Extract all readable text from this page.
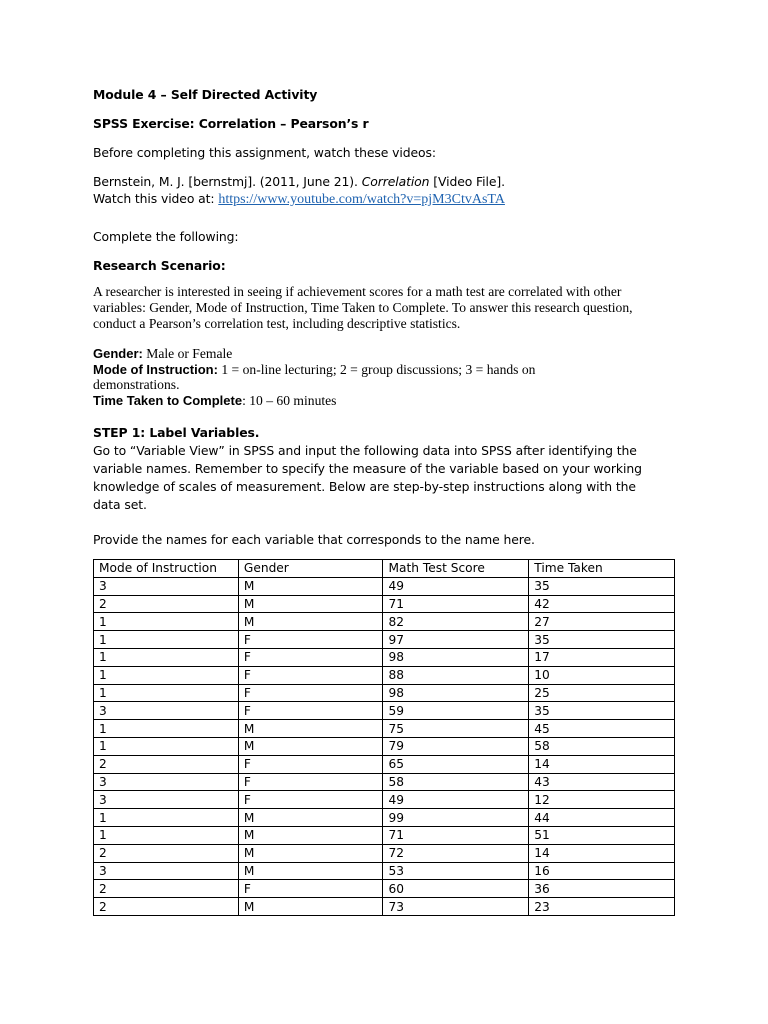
Module 4 – Self Directed Activity
SPSS Exercise: Correlation – Pearson’s r
Before completing this assignment, watch these videos:
Bernstein, M. J. [bernstmj]. (2011, June 21). Correlation [Video File].
Watch this video at: https://www.youtube.com/watch?v=pjM3CtvAsTA
Complete the following:
Research Scenario:
A researcher is interested in seeing if achievement scores for a math test are correlated with other
variables: Gender, Mode of Instruction, Time Taken to Complete. To answer this research question,
conduct a Pearson’s correlation test, including descriptive statistics.
Gender: Male or Female
Mode of Instruction: 1 = on-line lecturing; 2 = group discussions; 3 = hands on
demonstrations.
Time Taken to Complete: 10 – 60 minutes
STEP 1: Label Variables.
Go to “Variable View” in SPSS and input the following data into SPSS after identifying the
variable names. Remember to specify the measure of the variable based on your working
knowledge of scales of measurement. Below are step-by-step instructions along with the
data set.
Provide the names for each variable that corresponds to the name here.
Mode of Instruction	Gender	Math Test Score	Time Taken
3	M	49	35
2	M	71	42
1	M	82	27
1	F	97	35
1	F	98	17
1	F	88	10
1	F	98	25
3	F	59	35
1	M	75	45
1	M	79	58
2	F	65	14
3	F	58	43
3	F	49	12
1	M	99	44
1	M	71	51
2	M	72	14
3	M	53	16
2	F	60	36
2	M	73	23
